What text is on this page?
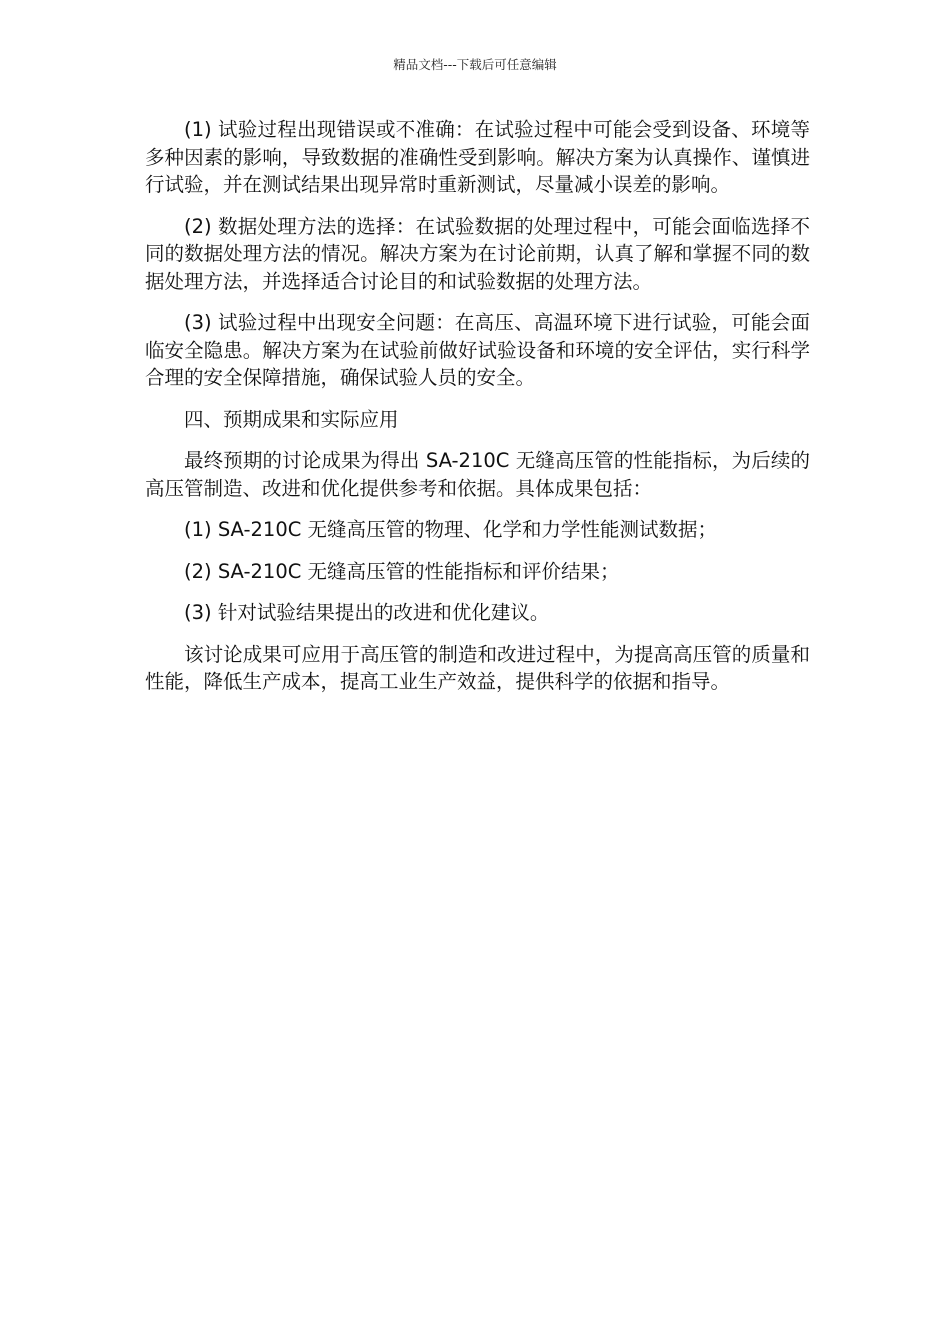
精品文档---下载后可任意编辑

(1) 试验过程出现错误或不准确：在试验过程中可能会受到设备、环境等多种因素的影响，导致数据的准确性受到影响。解决方案为认真操作、谨慎进行试验，并在测试结果出现异常时重新测试，尽量减小误差的影响。

(2) 数据处理方法的选择：在试验数据的处理过程中，可能会面临选择不同的数据处理方法的情况。解决方案为在讨论前期，认真了解和掌握不同的数据处理方法，并选择适合讨论目的和试验数据的处理方法。

(3) 试验过程中出现安全问题：在高压、高温环境下进行试验，可能会面临安全隐患。解决方案为在试验前做好试验设备和环境的安全评估，实行科学合理的安全保障措施，确保试验人员的安全。

四、预期成果和实际应用

最终预期的讨论成果为得出 SA-210C 无缝高压管的性能指标，为后续的高压管制造、改进和优化提供参考和依据。具体成果包括：

(1) SA-210C 无缝高压管的物理、化学和力学性能测试数据；

(2) SA-210C 无缝高压管的性能指标和评价结果；

(3) 针对试验结果提出的改进和优化建议。

该讨论成果可应用于高压管的制造和改进过程中，为提高高压管的质量和性能，降低生产成本，提高工业生产效益，提供科学的依据和指导。
